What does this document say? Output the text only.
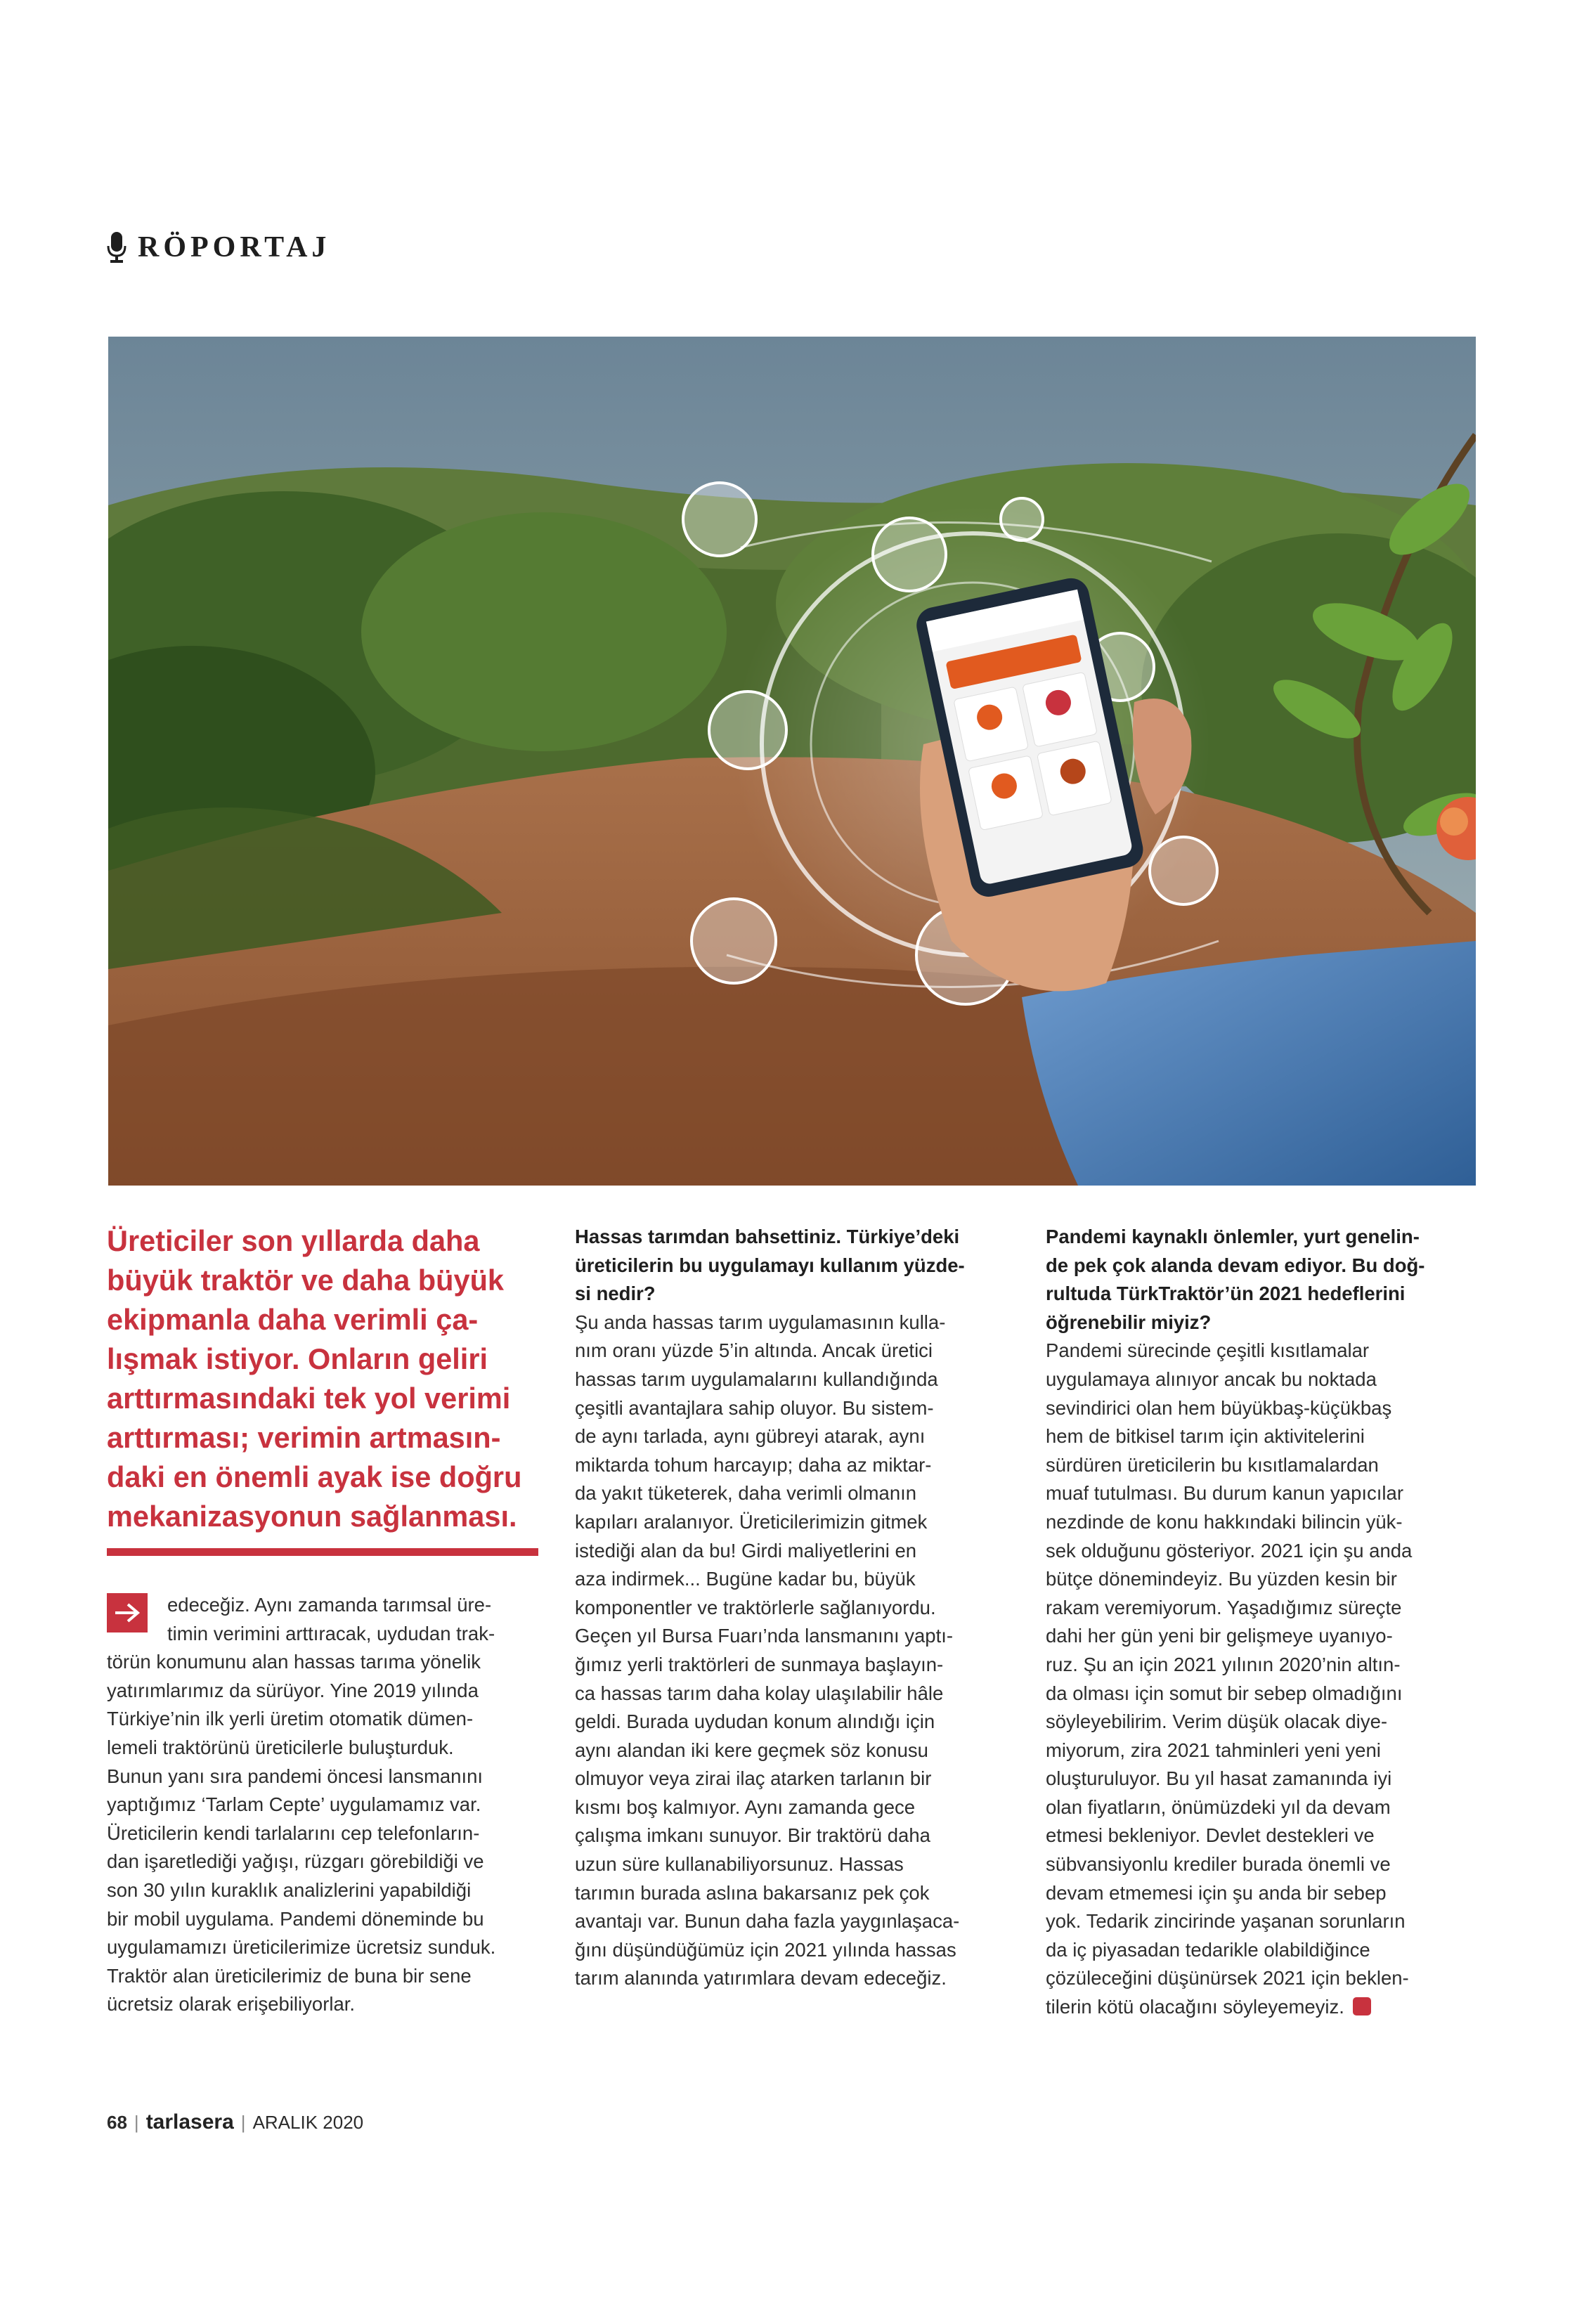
RÖPORTAJ
Üreticiler son yıllarda daha büyük traktör ve daha büyük ekipmanla daha verimli ça-lışmak istiyor. Onların geliri arttırmasındaki tek yol verimi arttırması; verimin artmasın-daki en önemli ayak ise doğru mekanizasyonun sağlanması.
edeceğiz. Aynı zamanda tarımsal üre-
timin verimini arttıracak, uydudan trak-
törün konumunu alan hassas tarıma yönelik
yatırımlarımız da sürüyor. Yine 2019 yılında
Türkiye’nin ilk yerli üretim otomatik dümen-
lemeli traktörünü üreticilerle buluşturduk.
Bunun yanı sıra pandemi öncesi lansmanını
yaptığımız ‘Tarlam Cepte’ uygulamamız var.
Üreticilerin kendi tarlalarını cep telefonların-
dan işaretlediği yağışı, rüzgarı görebildiği ve
son 30 yılın kuraklık analizlerini yapabildiği
bir mobil uygulama. Pandemi döneminde bu
uygulamamızı üreticilerimize ücretsiz sunduk.
Traktör alan üreticilerimiz de buna bir sene
ücretsiz olarak erişebiliyorlar.
Hassas tarımdan bahsettiniz. Türkiye’deki
üreticilerin bu uygulamayı kullanım yüzde-
si nedir?
Şu anda hassas tarım uygulamasının kulla-
nım oranı yüzde 5’in altında. Ancak üretici
hassas tarım uygulamalarını kullandığında
çeşitli avantajlara sahip oluyor. Bu sistem-
de aynı tarlada, aynı gübreyi atarak, aynı
miktarda tohum harcayıp; daha az miktar-
da yakıt tüketerek, daha verimli olmanın
kapıları aralanıyor. Üreticilerimizin gitmek
istediği alan da bu! Girdi maliyetlerini en
aza indirmek... Bugüne kadar bu, büyük
komponentler ve traktörlerle sağlanıyordu.
Geçen yıl Bursa Fuarı’nda lansmanını yaptı-
ğımız yerli traktörleri de sunmaya başlayın-
ca hassas tarım daha kolay ulaşılabilir hâle
geldi. Burada uydudan konum alındığı için
aynı alandan iki kere geçmek söz konusu
olmuyor veya zirai ilaç atarken tarlanın bir
kısmı boş kalmıyor. Aynı zamanda gece
çalışma imkanı sunuyor. Bir traktörü daha
uzun süre kullanabiliyorsunuz. Hassas
tarımın burada aslına bakarsanız pek çok
avantajı var. Bunun daha fazla yaygınlaşaca-
ğını düşündüğümüz için 2021 yılında hassas
tarım alanında yatırımlara devam edeceğiz.
Pandemi kaynaklı önlemler, yurt genelin-
de pek çok alanda devam ediyor. Bu doğ-
rultuda TürkTraktör’ün 2021 hedeflerini
öğrenebilir miyiz?
Pandemi sürecinde çeşitli kısıtlamalar
uygulamaya alınıyor ancak bu noktada
sevindirici olan hem büyükbaş-küçükbaş
hem de bitkisel tarım için aktivitelerini
sürdüren üreticilerin bu kısıtlamalardan
muaf tutulması. Bu durum kanun yapıcılar
nezdinde de konu hakkındaki bilincin yük-
sek olduğunu gösteriyor. 2021 için şu anda
bütçe dönemindeyiz. Bu yüzden kesin bir
rakam veremiyorum. Yaşadığımız süreçte
dahi her gün yeni bir gelişmeye uyanıyo-
ruz. Şu an için 2021 yılının 2020’nin altın-
da olması için somut bir sebep olmadığını
söyleyebilirim. Verim düşük olacak diye-
miyorum, zira 2021 tahminleri yeni yeni
oluşturuluyor. Bu yıl hasat zamanında iyi
olan fiyatların, önümüzdeki yıl da devam
etmesi bekleniyor. Devlet destekleri ve
sübvansiyonlu krediler burada önemli ve
devam etmemesi için şu anda bir sebep
yok. Tedarik zincirinde yaşanan sorunların
da iç piyasadan tedarikle olabildiğince
çözüleceğini düşünürsek 2021 için beklen-
tilerin kötü olacağını söyleyemeyiz.
68 | tarlasera | ARALIK 2020
